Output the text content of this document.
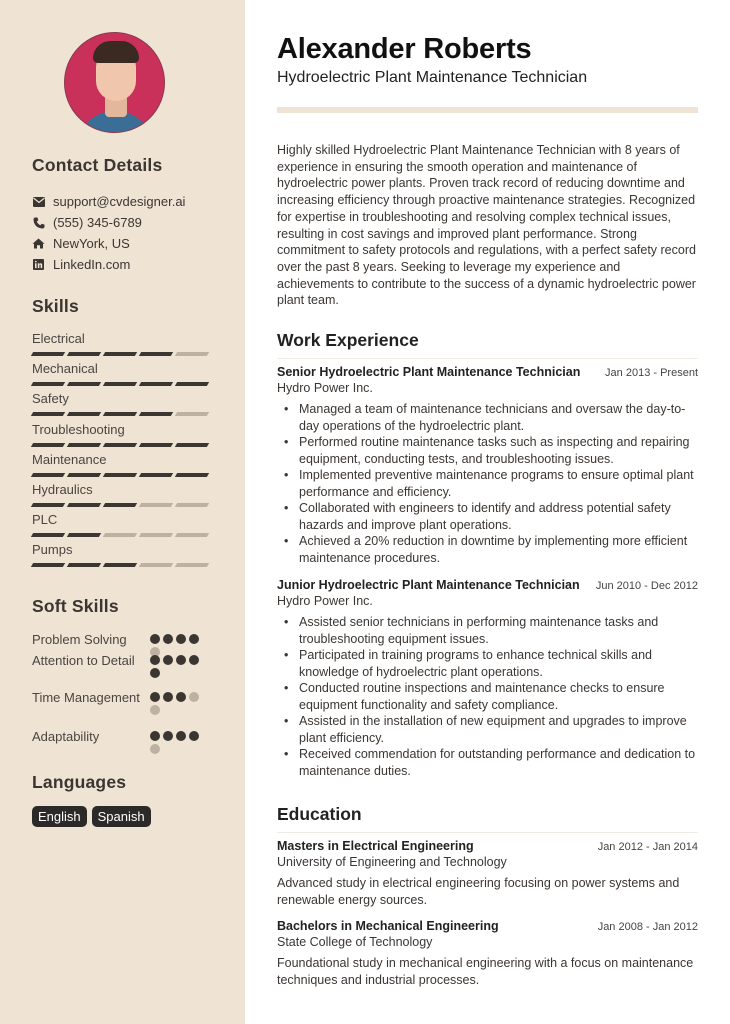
Contact Details
support@cvdesigner.ai
(555) 345-6789
NewYork, US
LinkedIn.com
Skills
Electrical
Mechanical
Safety
Troubleshooting
Maintenance
Hydraulics
PLC
Pumps
Soft Skills
Problem Solving
Attention to Detail
Time Management
Adaptability
Languages
English	Spanish
Alexander Roberts
Hydroelectric Plant Maintenance Technician
Highly skilled Hydroelectric Plant Maintenance Technician with 8 years of experience in ensuring the smooth operation and maintenance of hydroelectric power plants. Proven track record of reducing downtime and increasing efficiency through proactive maintenance strategies. Recognized for expertise in troubleshooting and resolving complex technical issues, resulting in cost savings and improved plant performance. Strong commitment to safety protocols and regulations, with a perfect safety record over the past 8 years. Seeking to leverage my experience and achievements to contribute to the success of a dynamic hydroelectric power plant team.
Work Experience
Senior Hydroelectric Plant Maintenance Technician Jan 2013 - Present
Hydro Power Inc.
• Managed a team of maintenance technicians and oversaw the day-to-day operations of the hydroelectric plant.
• Performed routine maintenance tasks such as inspecting and repairing equipment, conducting tests, and troubleshooting issues.
• Implemented preventive maintenance programs to ensure optimal plant performance and efficiency.
• Collaborated with engineers to identify and address potential safety hazards and improve plant operations.
• Achieved a 20% reduction in downtime by implementing more efficient maintenance procedures.
Junior Hydroelectric Plant Maintenance Technician Jun 2010 - Dec 2012
Hydro Power Inc.
• Assisted senior technicians in performing maintenance tasks and troubleshooting equipment issues.
• Participated in training programs to enhance technical skills and knowledge of hydroelectric plant operations.
• Conducted routine inspections and maintenance checks to ensure equipment functionality and safety compliance.
• Assisted in the installation of new equipment and upgrades to improve plant efficiency.
• Received commendation for outstanding performance and dedication to maintenance duties.
Education
Masters in Electrical Engineering	Jan 2012 - Jan 2014
University of Engineering and Technology
Advanced study in electrical engineering focusing on power systems and renewable energy sources.
Bachelors in Mechanical Engineering	Jan 2008 - Jan 2012
State College of Technology
Foundational study in mechanical engineering with a focus on maintenance techniques and industrial processes.
